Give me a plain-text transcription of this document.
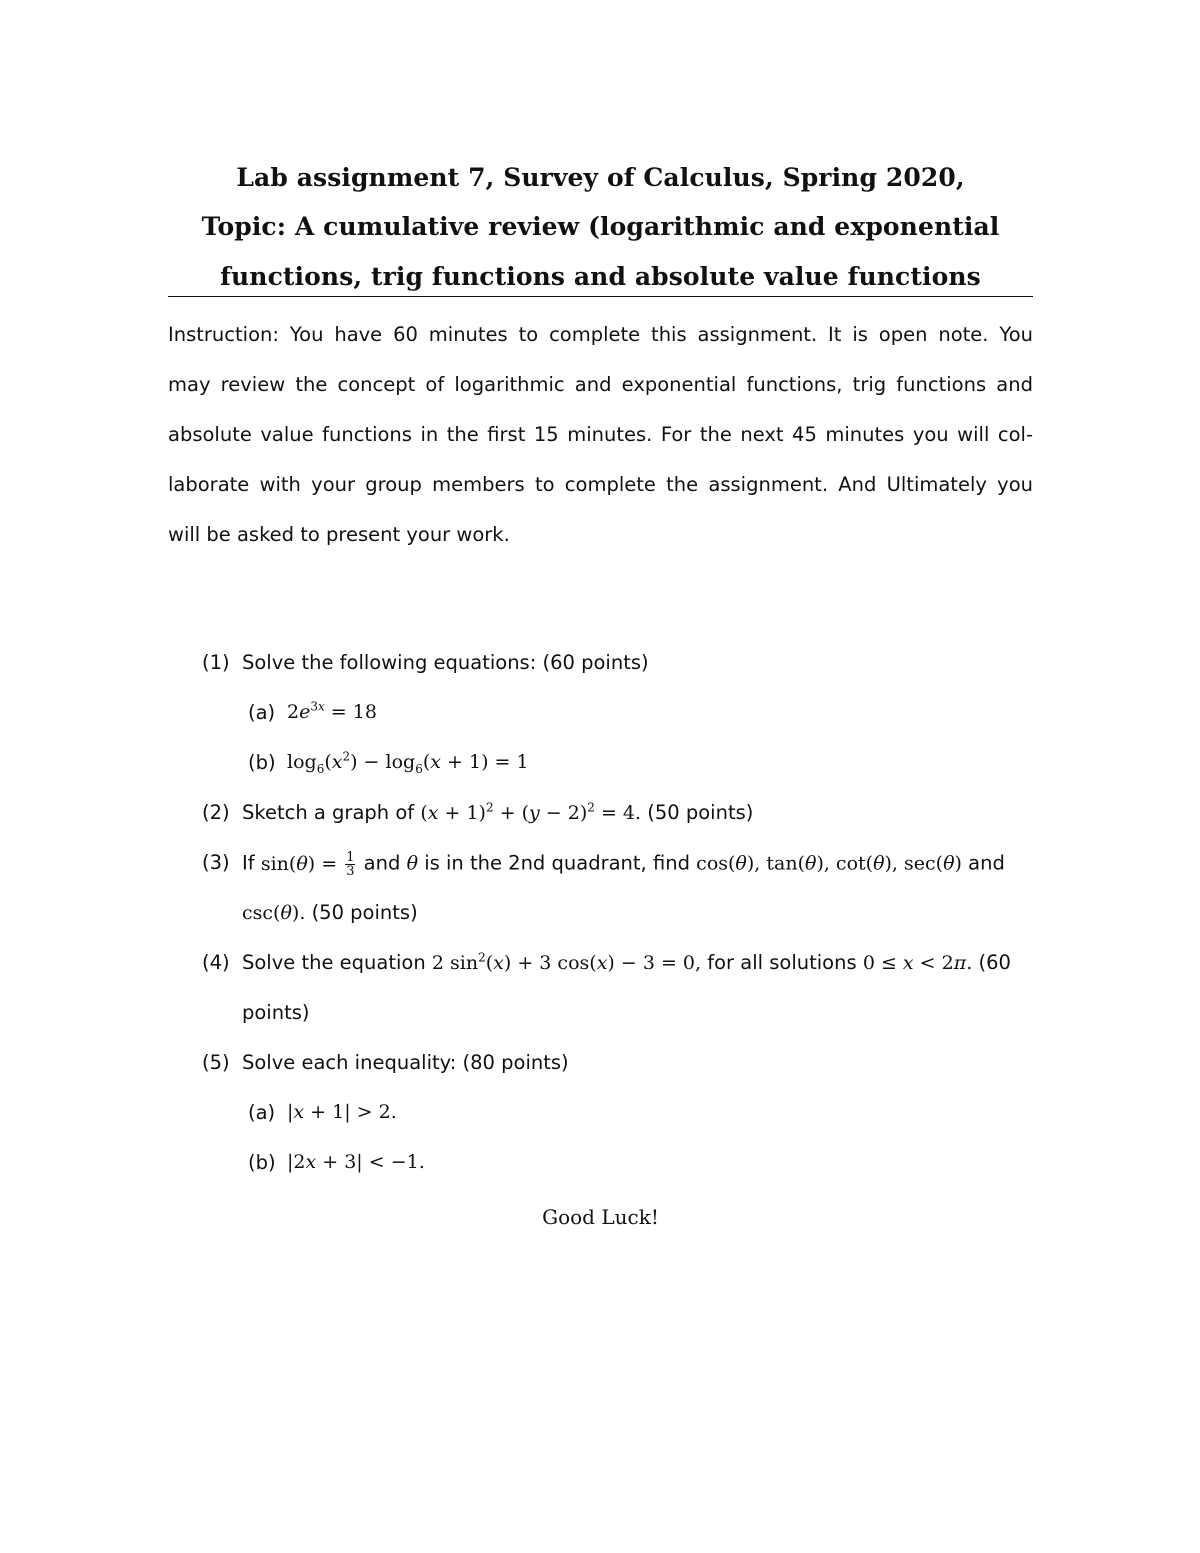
Lab assignment 7, Survey of Calculus, Spring 2020,
Topic: A cumulative review (logarithmic and exponential
functions, trig functions and absolute value functions
Instruction: You have 60 minutes to complete this assignment. It is open note. You
may review the concept of logarithmic and exponential functions, trig functions and
absolute value functions in the first 15 minutes. For the next 45 minutes you will col-
laborate with your group members to complete the assignment. And Ultimately you
will be asked to present your work.
(1) Solve the following equations: (60 points)
(a) $2e^{3x} = 18$
(b) $\log_6(x^2) - \log_6(x + 1) = 1$
(2) Sketch a graph of $(x + 1)^2 + (y - 2)^2 = 4$. (50 points)
(3) If $\sin(\theta) = \frac{1}{3}$ and θ is in the 2nd quadrant, find cos(θ), tan(θ), cot(θ), sec(θ) and
csc(θ). (50 points)
(4) Solve the equation 2 $\sin^2(x) + 3$ cos(x) − 3 = 0, for all solutions 0 ≤ x < 2π. (60
points)
(5) Solve each inequality: (80 points)
(a) |x + 1| > 2.
(b) |2x + 3| < −1.
Good Luck!
